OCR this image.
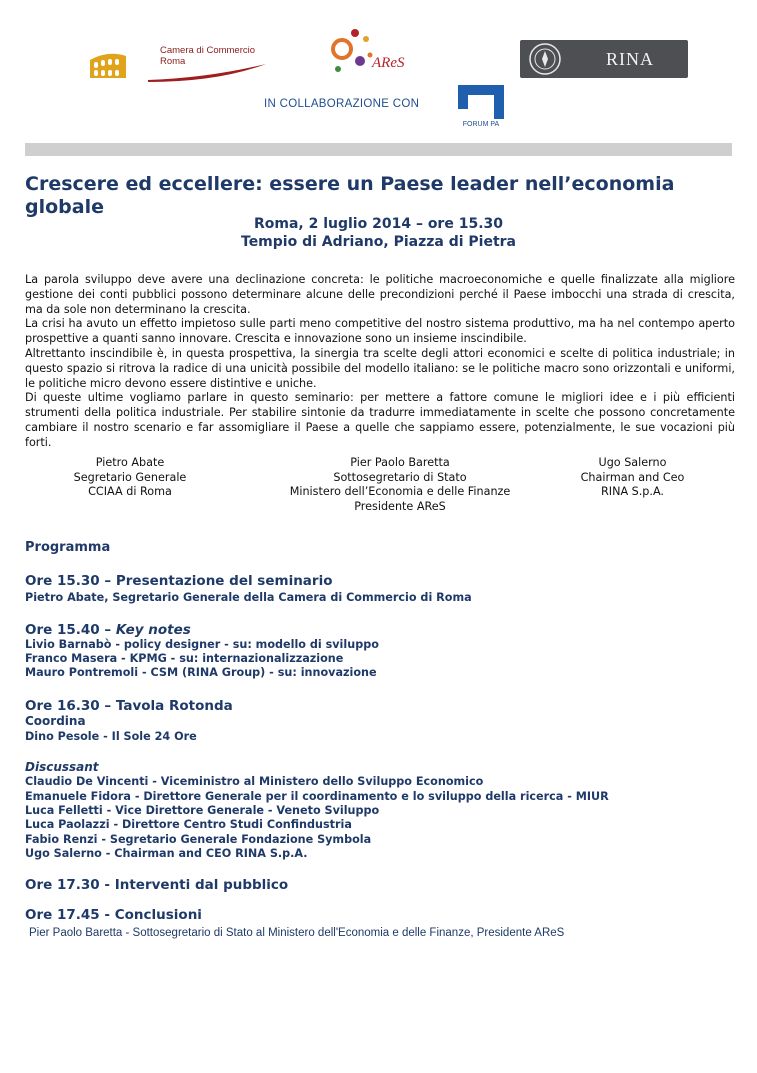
Camera di Commercio
Roma	AReS	RINA
IN COLLABORAZIONE CON
FORUM PA
Crescere ed eccellere: essere un Paese leader nell’economia globale
Roma, 2 luglio 2014 – ore 15.30
Tempio di Adriano, Piazza di Pietra

La parola sviluppo deve avere una declinazione concreta: le politiche macroeconomiche e quelle finalizzate alla migliore gestione dei conti pubblici possono determinare alcune delle precondizioni perché il Paese imbocchi una strada di crescita, ma da sole non determinano la crescita.

La crisi ha avuto un effetto impietoso sulle parti meno competitive del nostro sistema produttivo, ma ha nel contempo aperto prospettive a quanti sanno innovare. Crescita e innovazione sono un insieme inscindibile.

Altrettanto inscindibile è, in questa prospettiva, la sinergia tra scelte degli attori economici e scelte di politica industriale; in questo spazio si ritrova la radice di una unicità possibile del modello italiano: se le politiche macro sono orizzontali e uniformi, le politiche micro devono essere distintive e uniche.

Di queste ultime vogliamo parlare in questo seminario: per mettere a fattore comune le migliori idee e i più efficienti strumenti della politica industriale. Per stabilire sintonie da tradurre immediatamente in scelte che possono concretamente cambiare il nostro scenario e far assomigliare il Paese a quelle che sappiamo essere, potenzialmente, le sue vocazioni più forti.

Pietro Abate
Segretario Generale
CCIAA di Roma
Pier Paolo Baretta
Sottosegretario di Stato
Ministero dell’Economia e delle Finanze
Presidente AReS
Ugo Salerno
Chairman and Ceo
RINA S.p.A.
Programma
Ore 15.30 – Presentazione del seminario
Pietro Abate, Segretario Generale della Camera di Commercio di Roma
Ore 15.40 – Key notes
Livio Barnabò - policy designer - su: modello di sviluppo
Franco Masera - KPMG - su: internazionalizzazione
Mauro Pontremoli - CSM (RINA Group) - su: innovazione
Ore 16.30 – Tavola Rotonda
Coordina
Dino Pesole - Il Sole 24 Ore
Discussant
Claudio De Vincenti - Viceministro al Ministero dello Sviluppo Economico
Emanuele Fidora - Direttore Generale per il coordinamento e lo sviluppo della ricerca - MIUR
Luca Felletti - Vice Direttore Generale - Veneto Sviluppo
Luca Paolazzi - Direttore Centro Studi Confindustria
Fabio Renzi - Segretario Generale Fondazione Symbola
Ugo Salerno - Chairman and CEO RINA S.p.A.
Ore 17.30 - Interventi dal pubblico
Ore 17.45 - Conclusioni
Pier Paolo Baretta - Sottosegretario di Stato al Ministero dell'Economia e delle Finanze, Presidente AReS
